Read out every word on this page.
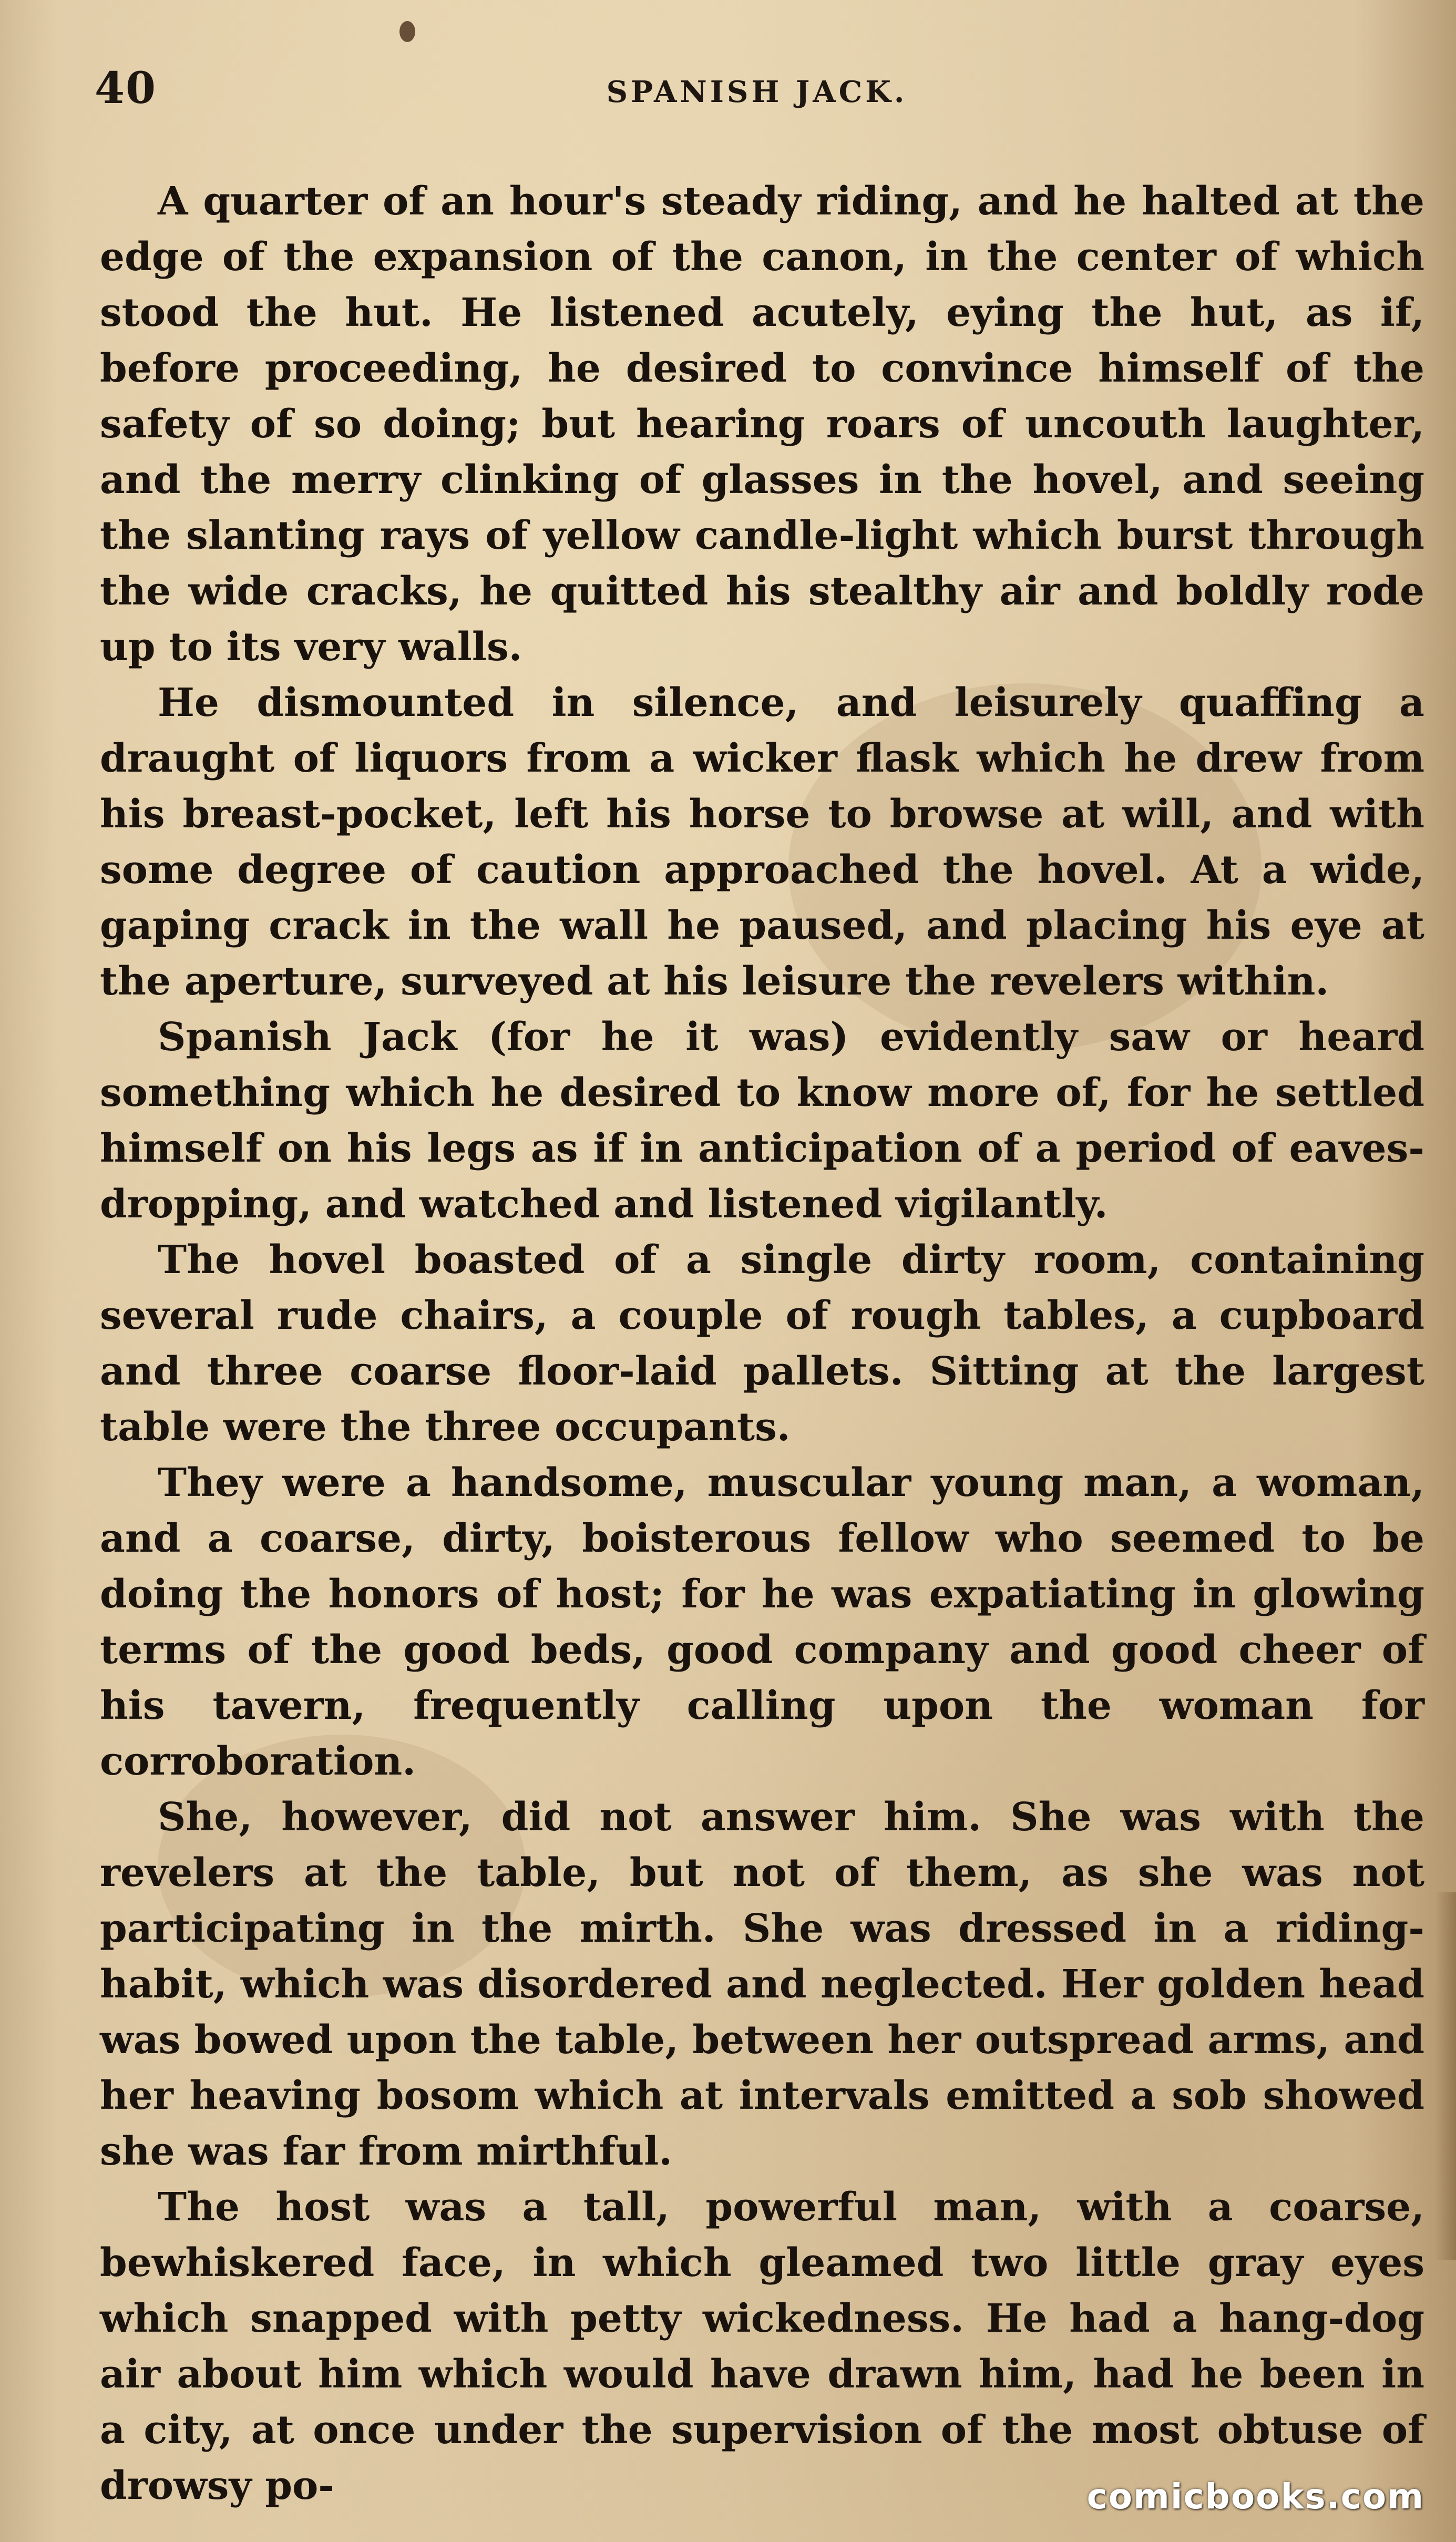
40	SPANISH JACK.

A quarter of an hour's steady riding, and he halted at the edge of the expansion of the canon, in the center of which stood the hut. He listened acutely, eying the hut, as if, before proceeding, he desired to convince himself of the safety of so doing; but hearing roars of uncouth laughter, and the merry clinking of glasses in the hovel, and seeing the slanting rays of yellow candle-light which burst through the wide cracks, he quitted his stealthy air and boldly rode up to its very walls.

He dismounted in silence, and leisurely quaffing a draught of liquors from a wicker flask which he drew from his breast-pocket, left his horse to browse at will, and with some degree of caution approached the hovel. At a wide, gaping crack in the wall he paused, and placing his eye at the aperture, surveyed at his leisure the revelers within.

Spanish Jack (for he it was) evidently saw or heard something which he desired to know more of, for he settled himself on his legs as if in anticipation of a period of eaves-dropping, and watched and listened vigilantly.

The hovel boasted of a single dirty room, containing several rude chairs, a couple of rough tables, a cupboard and three coarse floor-laid pallets. Sitting at the largest table were the three occupants.

They were a handsome, muscular young man, a woman, and a coarse, dirty, boisterous fellow who seemed to be doing the honors of host; for he was expatiating in glowing terms of the good beds, good company and good cheer of his tavern, frequently calling upon the woman for corroboration.

She, however, did not answer him. She was with the revelers at the table, but not of them, as she was not participating in the mirth. She was dressed in a riding-habit, which was disordered and neglected. Her golden head was bowed upon the table, between her outspread arms, and her heaving bosom which at intervals emitted a sob showed she was far from mirthful.

The host was a tall, powerful man, with a coarse, bewhiskered face, in which gleamed two little gray eyes which snapped with petty wickedness. He had a hang-dog air about him which would have drawn him, had he been in a city, at once under the supervision of the most obtuse of drowsy po-	comicbooks.com
